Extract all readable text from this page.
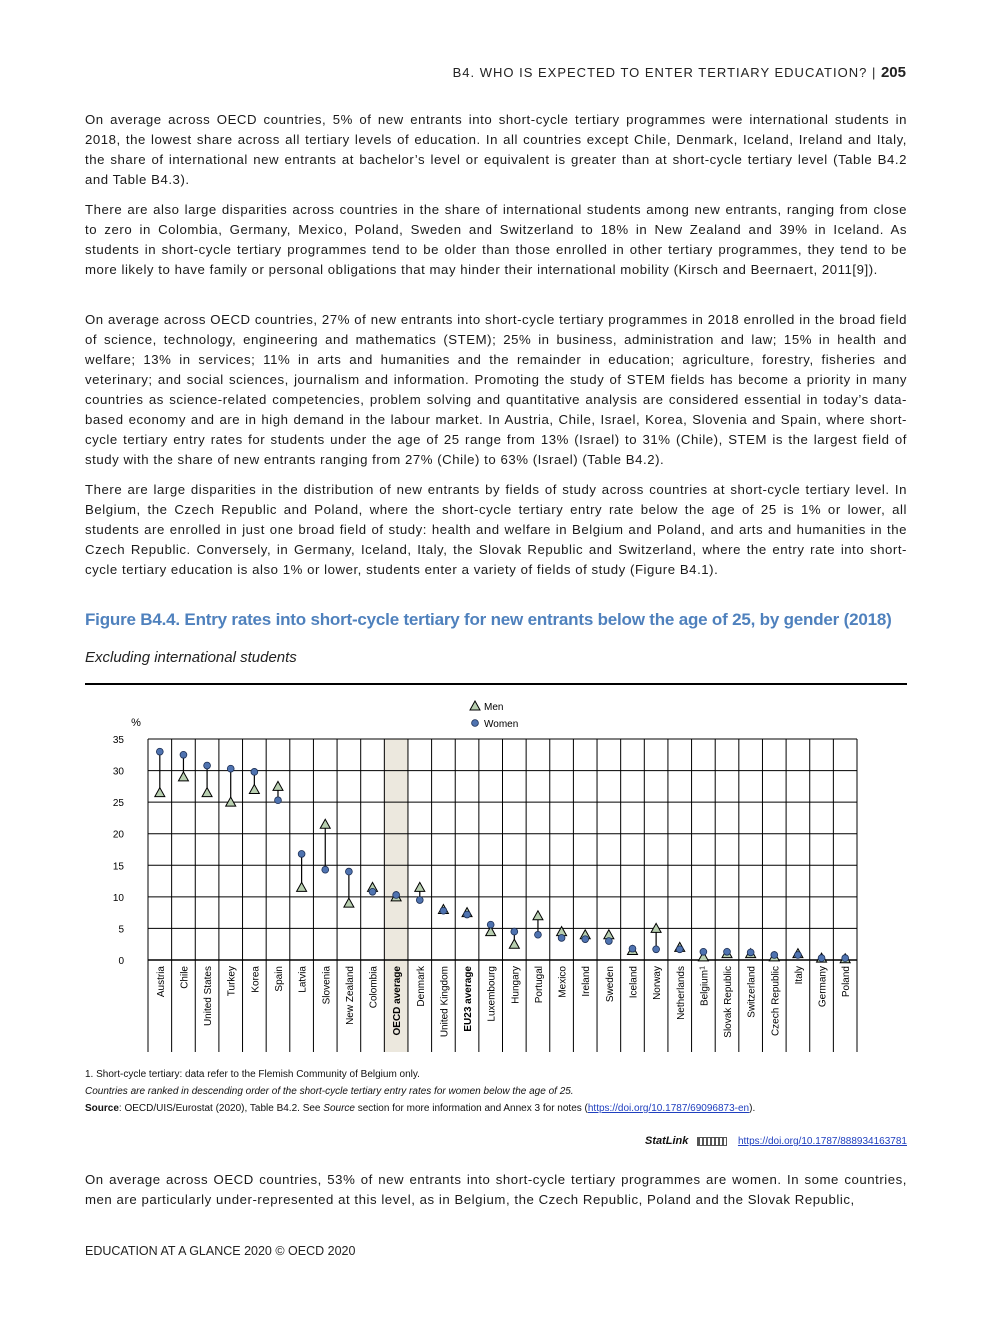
B4. WHO IS EXPECTED TO ENTER TERTIARY EDUCATION? | 205

On average across OECD countries, 5% of new entrants into short-cycle tertiary programmes were international students in 2018, the lowest share across all tertiary levels of education. In all countries except Chile, Denmark, Iceland, Ireland and Italy, the share of international new entrants at bachelor’s level or equivalent is greater than at short-cycle tertiary level (Table B4.2 and Table B4.3).

There are also large disparities across countries in the share of international students among new entrants, ranging from close to zero in Colombia, Germany, Mexico, Poland, Sweden and Switzerland to 18% in New Zealand and 39% in Iceland. As students in short-cycle tertiary programmes tend to be older than those enrolled in other tertiary programmes, they tend to be more likely to have family or personal obligations that may hinder their international mobility (Kirsch and Beernaert, 2011[9]).

On average across OECD countries, 27% of new entrants into short-cycle tertiary programmes in 2018 enrolled in the broad field of science, technology, engineering and mathematics (STEM); 25% in business, administration and law; 15% in health and welfare; 13% in services; 11% in arts and humanities and the remainder in education; agriculture, forestry, fisheries and veterinary; and social sciences, journalism and information. Promoting the study of STEM fields has become a priority in many countries as science-related competencies, problem solving and quantitative analysis are considered essential in today’s data-based economy and are in high demand in the labour market. In Austria, Chile, Israel, Korea, Slovenia and Spain, where short-cycle tertiary entry rates for students under the age of 25 range from 13% (Israel) to 31% (Chile), STEM is the largest field of study with the share of new entrants ranging from 27% (Chile) to 63% (Israel) (Table B4.2).

There are large disparities in the distribution of new entrants by fields of study across countries at short-cycle tertiary level. In Belgium, the Czech Republic and Poland, where the short-cycle tertiary entry rate below the age of 25 is 1% or lower, all students are enrolled in just one broad field of study: health and welfare in Belgium and Poland, and arts and humanities in the Czech Republic. Conversely, in Germany, Iceland, Italy, the Slovak Republic and Switzerland, where the entry rate into short-cycle tertiary education is also 1% or lower, students enter a variety of fields of study (Figure B4.1).

Figure B4.4. Entry rates into short-cycle tertiary for new entrants below the age of 25, by gender (2018)

Excluding international students

0
5
10
15
20
25
30
35
%
Austria Chile United States Turkey Korea Spain Latvia Slovenia New Zealand Colombia OECD average Denmark United Kingdom EU23 average Luxembourg Hungary Portugal Mexico Ireland Sweden Iceland Norway Netherlands Belgium$^1$	Slovak Republic Switzerland Czech Republic Italy Germany Poland
Men
Women

1. Short-cycle tertiary: data refer to the Flemish Community of Belgium only.

Countries are ranked in descending order of the short-cycle tertiary entry rates for women below the age of 25.

Source: OECD/UIS/Eurostat (2020), Table B4.2. See Source section for more information and Annex 3 for notes (https://doi.org/10.1787/69096873-en).

StatLink	https://doi.org/10.1787/888934163781

On average across OECD countries, 53% of new entrants into short-cycle tertiary programmes are women. In some countries, men are particularly under-represented at this level, as in Belgium, the Czech Republic, Poland and the Slovak Republic,

EDUCATION AT A GLANCE 2020 © OECD 2020
